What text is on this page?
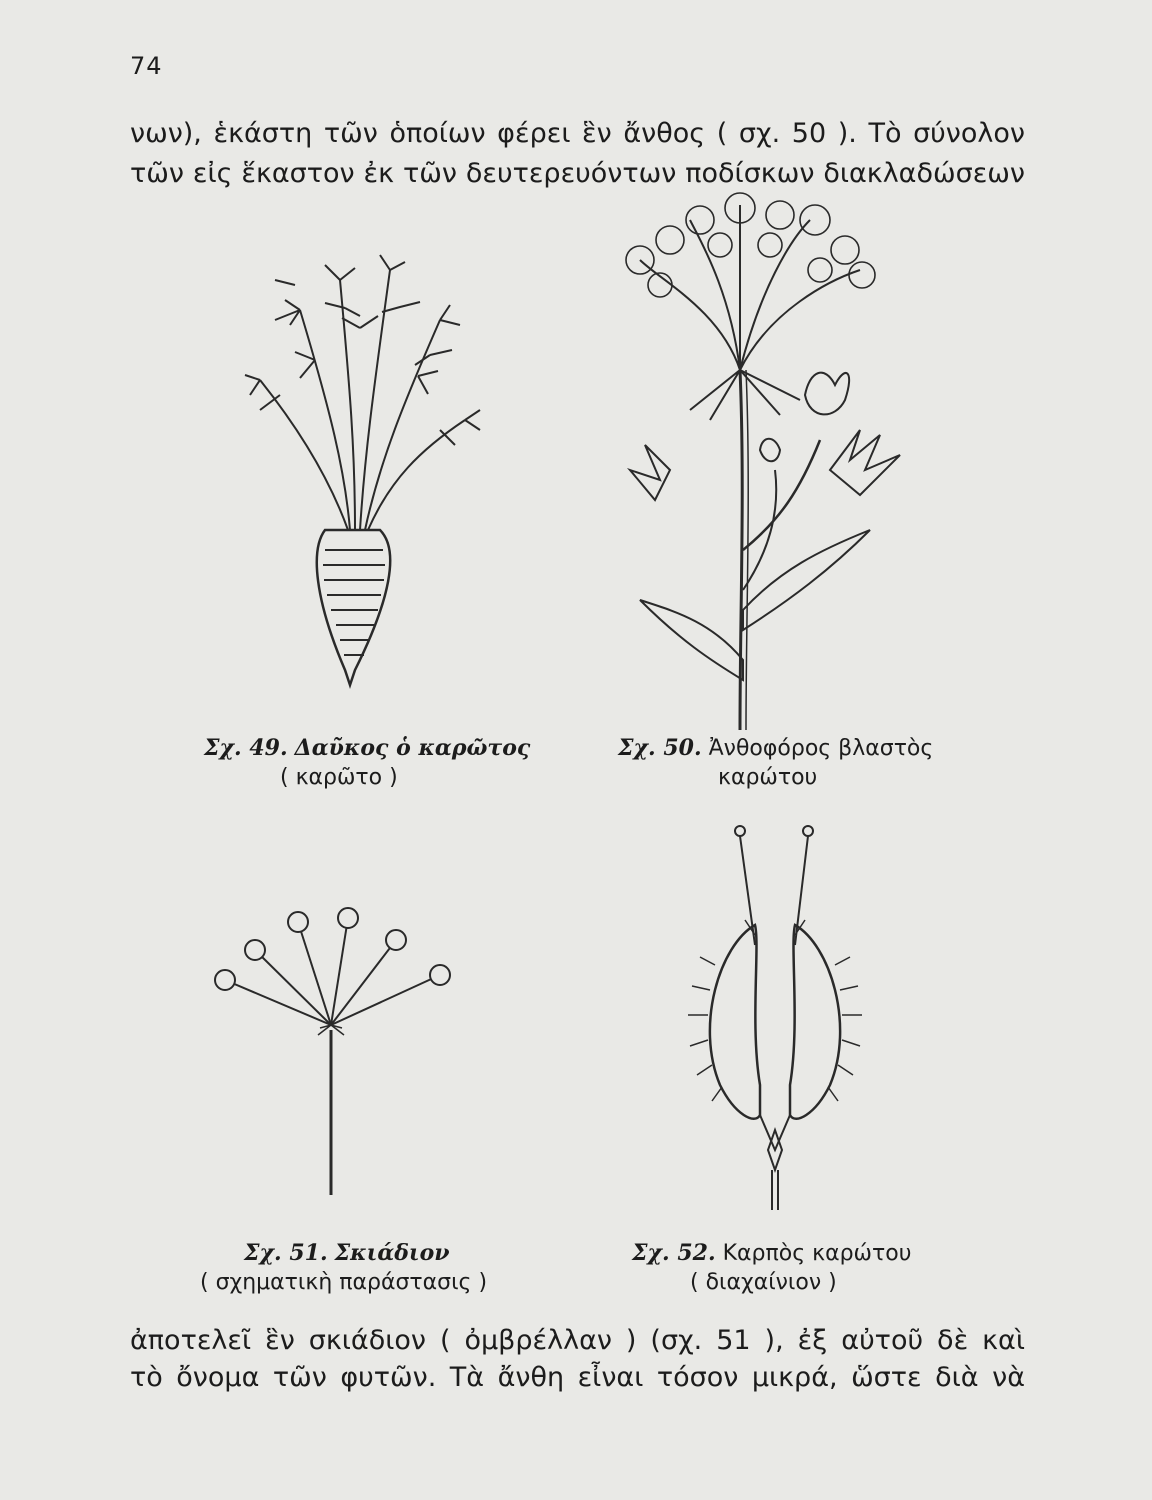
74
νων), ἑκάστη τῶν ὁποίων φέρει ἓν ἄνθος ( σχ. 50 ). Τὸ σύνολον
τῶν εἰς ἕκαστον ἐκ τῶν δευτερευόντων ποδίσκων διακλαδώσεων
Σχ. 49. Δαῦκος ὁ καρῶτος
( καρῶτο )
Σχ. 50. Ἀνθοφόρος βλαστὸς
καρώτου
Σχ. 51. Σκιάδιον
( σχηματικὴ παράστασις )
Σχ. 52. Καρπὸς καρώτου
( διαχαίνιον )
ἀποτελεῖ ἓν σκιάδιον ( ὀμβρέλλαν ) (σχ. 51 ), ἐξ αὐτοῦ δὲ καὶ
τὸ ὄνομα τῶν φυτῶν. Τὰ ἄνθη εἶναι τόσον μικρά, ὥστε διὰ νὰ
